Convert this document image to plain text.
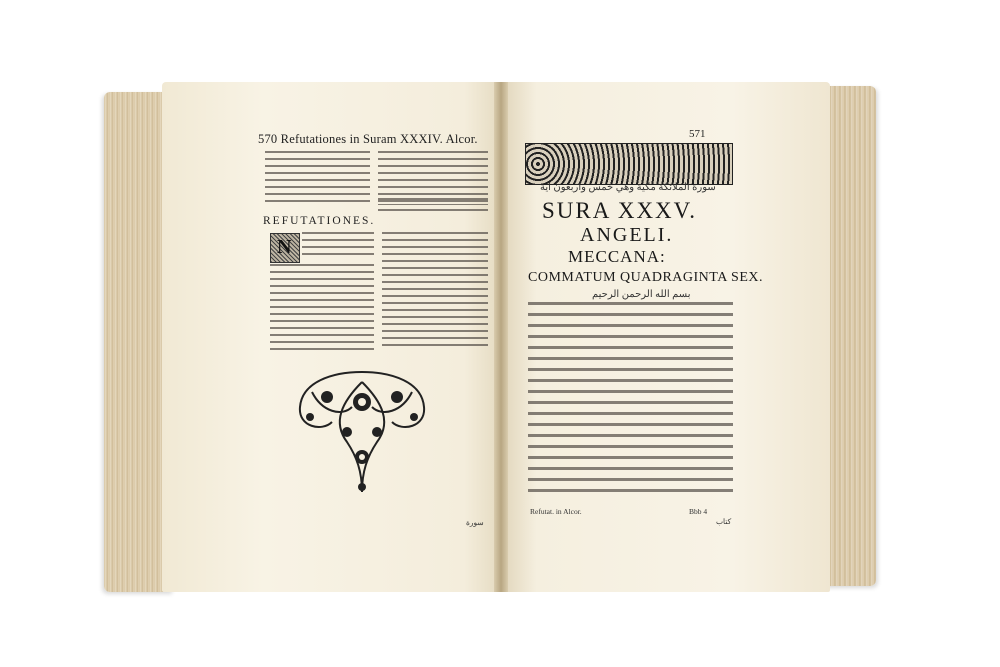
570 Refutationes in Suram XXXIV. Alcor.
REFUTATIONES.
N
سورة
571
سورة الملائكة مكية وهي خمس واربعون اية
SURA XXXV.
ANGELI.
MECCANA:
COMMATUM QUADRAGINTA SEX.
بسم الله الرحمن الرحيم
Refutat. in Alcor.	Bbb 4
كتاب
